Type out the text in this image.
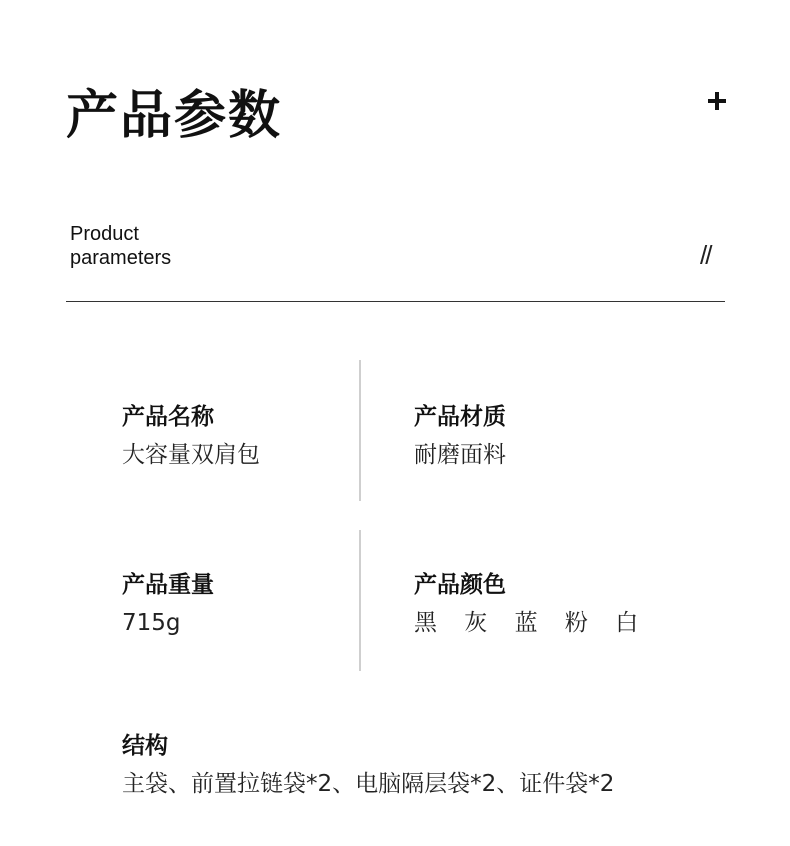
产品参数
Product
parameters	//
产品名称
大容量双肩包
产品材质
耐磨面料
产品重量
715g
产品颜色
黑 灰 蓝 粉 白
结构
主袋、前置拉链袋*2、电脑隔层袋*2、证件袋*2
